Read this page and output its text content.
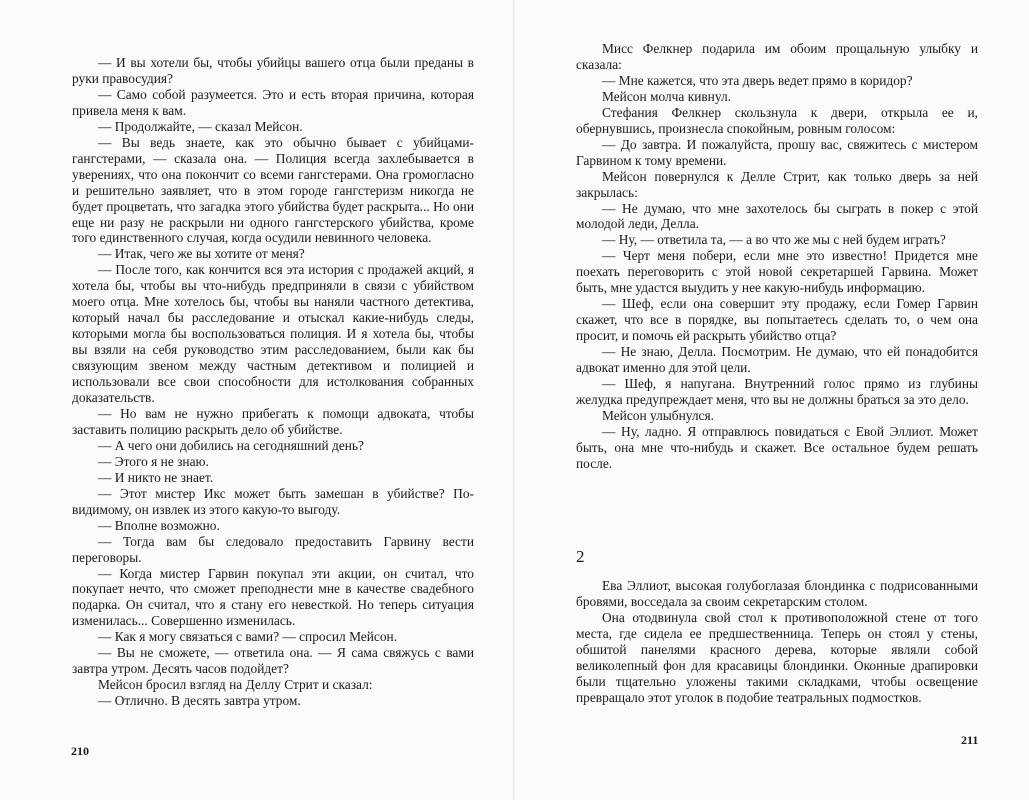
— И вы хотели бы, чтобы убийцы вашего отца были преданы в руки правосудия?

— Само собой разумеется. Это и есть вторая причина, которая привела меня к вам.

— Продолжайте, — сказал Мейсон.

— Вы ведь знаете, как это обычно бывает с убийцами-гангстерами, — сказала она. — Полиция всегда захлебывается в уверениях, что она покончит со всеми гангстерами. Она громогласно и решительно заявляет, что в этом городе гангстеризм никогда не будет процветать, что загадка этого убийства будет раскрыта... Но они еще ни разу не раскрыли ни одного гангстерского убийства, кроме того единственного случая, когда осудили невинного человека.

— Итак, чего же вы хотите от меня?

— После того, как кончится вся эта история с продажей акций, я хотела бы, чтобы вы что-нибудь предприняли в связи с убийством моего отца. Мне хотелось бы, чтобы вы наняли частного детектива, который начал бы расследование и отыскал какие-нибудь следы, которыми могла бы воспользоваться полиция. И я хотела бы, чтобы вы взяли на себя руководство этим расследованием, были как бы связующим звеном между частным детективом и полицией и использовали все свои способности для истолкования собранных доказательств.

— Но вам не нужно прибегать к помощи адвоката, чтобы заставить полицию раскрыть дело об убийстве.

— А чего они добились на сегодняшний день?

— Этого я не знаю.

— И никто не знает.

— Этот мистер Икс может быть замешан в убийстве? По-видимому, он извлек из этого какую-то выгоду.

— Вполне возможно.

— Тогда вам бы следовало предоставить Гарвину вести переговоры.

— Когда мистер Гарвин покупал эти акции, он считал, что покупает нечто, что сможет преподнести мне в качестве свадебного подарка. Он считал, что я стану его невесткой. Но теперь ситуация изменилась... Совершенно изменилась.

— Как я могу связаться с вами? — спросил Мейсон.

— Вы не сможете, — ответила она. — Я сама свяжусь с вами завтра утром. Десять часов подойдет?

Мейсон бросил взгляд на Деллу Стрит и сказал:

— Отлично. В десять завтра утром.

210

Мисс Фелкнер подарила им обоим прощальную улыбку и сказала:

— Мне кажется, что эта дверь ведет прямо в коридор?

Мейсон молча кивнул.

Стефания Фелкнер скользнула к двери, открыла ее и, обернувшись, произнесла спокойным, ровным голосом:

— До завтра. И пожалуйста, прошу вас, свяжитесь с мистером Гарвином к тому времени.

Мейсон повернулся к Делле Стрит, как только дверь за ней закрылась:

— Не думаю, что мне захотелось бы сыграть в покер с этой молодой леди, Делла.

— Ну, — ответила та, — а во что же мы с ней будем играть?

— Черт меня побери, если мне это известно! Придется мне поехать переговорить с этой новой секретаршей Гарвина. Может быть, мне удастся выудить у нее какую-нибудь информацию.

— Шеф, если она совершит эту продажу, если Гомер Гарвин скажет, что все в порядке, вы попытаетесь сделать то, о чем она просит, и помочь ей раскрыть убийство отца?

— Не знаю, Делла. Посмотрим. Не думаю, что ей понадобится адвокат именно для этой цели.

— Шеф, я напугана. Внутренний голос прямо из глубины желудка предупреждает меня, что вы не должны браться за это дело.

Мейсон улыбнулся.

— Ну, ладно. Я отправлюсь повидаться с Евой Эллиот. Может быть, она мне что-нибудь и скажет. Все остальное будем решать после.

2

Ева Эллиот, высокая голубоглазая блондинка с подрисованными бровями, восседала за своим секретарским столом.

Она отодвинула свой стол к противоположной стене от того места, где сидела ее предшественница. Теперь он стоял у стены, обшитой панелями красного дерева, которые являли собой великолепный фон для красавицы блондинки. Оконные драпировки были тщательно уложены такими складками, чтобы освещение превращало этот уголок в подобие театральных подмостков.

211
